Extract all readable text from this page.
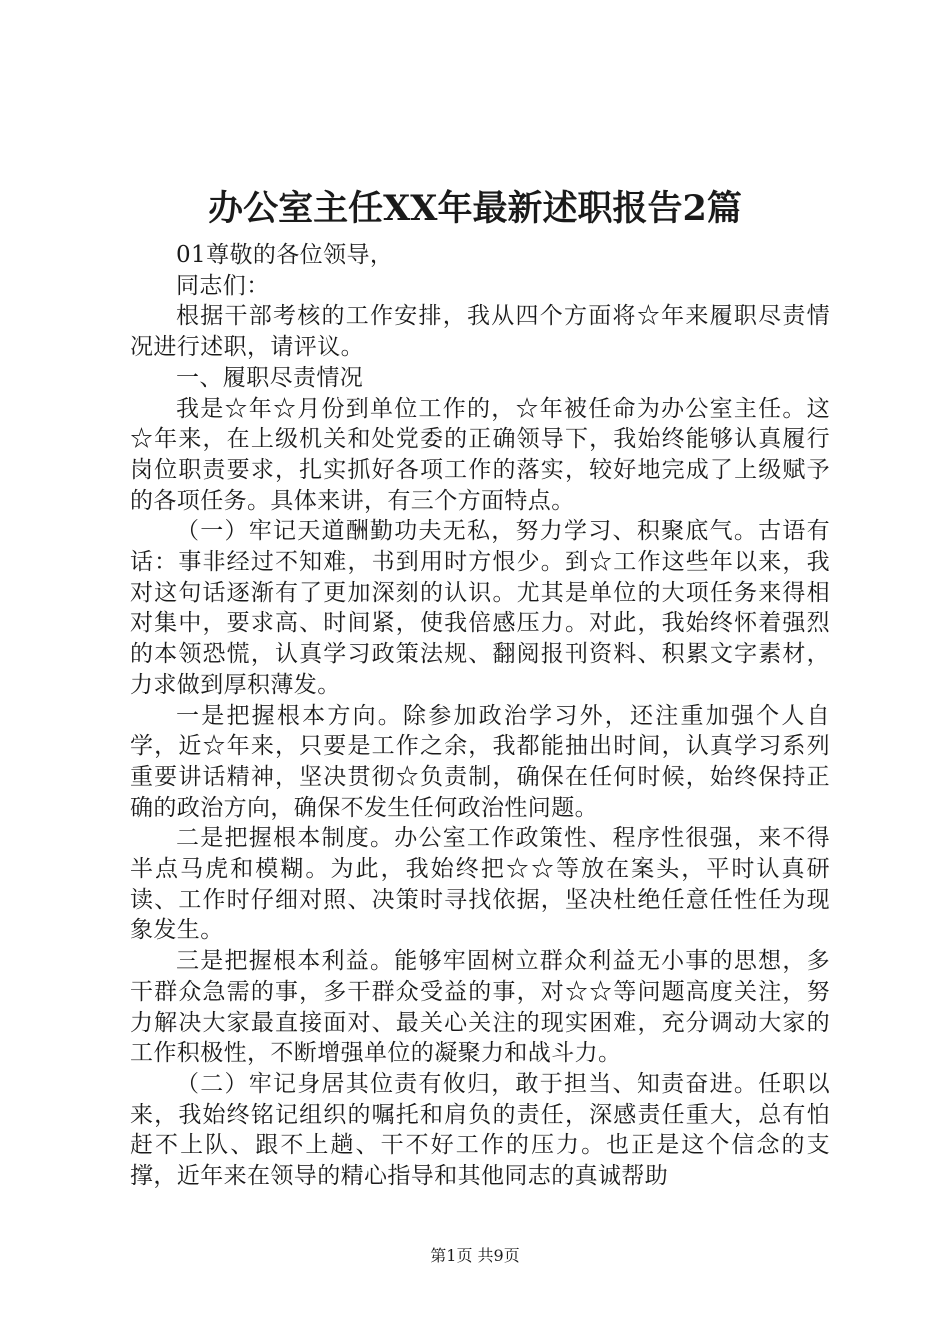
办公室主任XX年最新述职报告2篇

01尊敬的各位领导，

同志们：

根据干部考核的工作安排，我从四个方面将☆年来履职尽责情况进行述职，请评议。

一、履职尽责情况

我是☆年☆月份到单位工作的，☆年被任命为办公室主任。这☆年来，在上级机关和处党委的正确领导下，我始终能够认真履行岗位职责要求，扎实抓好各项工作的落实，较好地完成了上级赋予的各项任务。具体来讲，有三个方面特点。

（一）牢记天道酬勤功夫无私，努力学习、积聚底气。古语有话：事非经过不知难，书到用时方恨少。到☆工作这些年以来，我对这句话逐渐有了更加深刻的认识。尤其是单位的大项任务来得相对集中，要求高、时间紧，使我倍感压力。对此，我始终怀着强烈的本领恐慌，认真学习政策法规、翻阅报刊资料、积累文字素材，力求做到厚积薄发。

一是把握根本方向。除参加政治学习外，还注重加强个人自学，近☆年来，只要是工作之余，我都能抽出时间，认真学习系列重要讲话精神，坚决贯彻☆负责制，确保在任何时候，始终保持正确的政治方向，确保不发生任何政治性问题。

二是把握根本制度。办公室工作政策性、程序性很强，来不得半点马虎和模糊。为此，我始终把☆☆等放在案头，平时认真研读、工作时仔细对照、决策时寻找依据，坚决杜绝任意任性任为现象发生。

三是把握根本利益。能够牢固树立群众利益无小事的思想，多干群众急需的事，多干群众受益的事，对☆☆等问题高度关注，努力解决大家最直接面对、最关心关注的现实困难，充分调动大家的工作积极性，不断增强单位的凝聚力和战斗力。

（二）牢记身居其位责有攸归，敢于担当、知责奋进。任职以来，我始终铭记组织的嘱托和肩负的责任，深感责任重大，总有怕赶不上队、跟不上趟、干不好工作的压力。也正是这个信念的支撑，近年来在领导的精心指导和其他同志的真诚帮助

第1页 共9页
